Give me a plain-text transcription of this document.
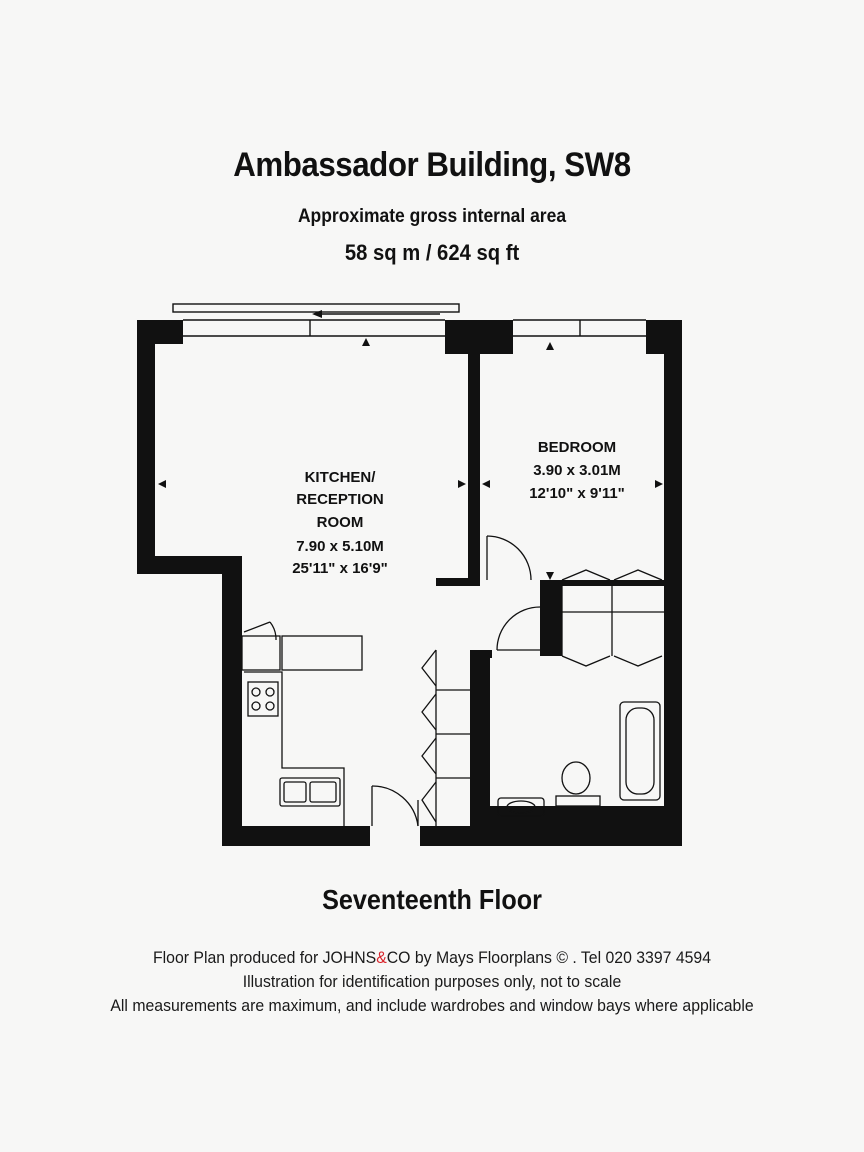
Ambassador Building, SW8
Approximate gross internal area
58 sq m / 624 sq ft
KITCHEN/
RECEPTION
ROOM
7.90 x 5.10M
25'11" x 16'9"
BEDROOM
3.90 x 3.01M
12'10" x 9'11"
Seventeenth Floor
Floor Plan produced for JOHNS&CO by Mays Floorplans © . Tel 020 3397 4594
Illustration for identification purposes only, not to scale
All measurements are maximum, and include wardrobes and window bays where applicable
